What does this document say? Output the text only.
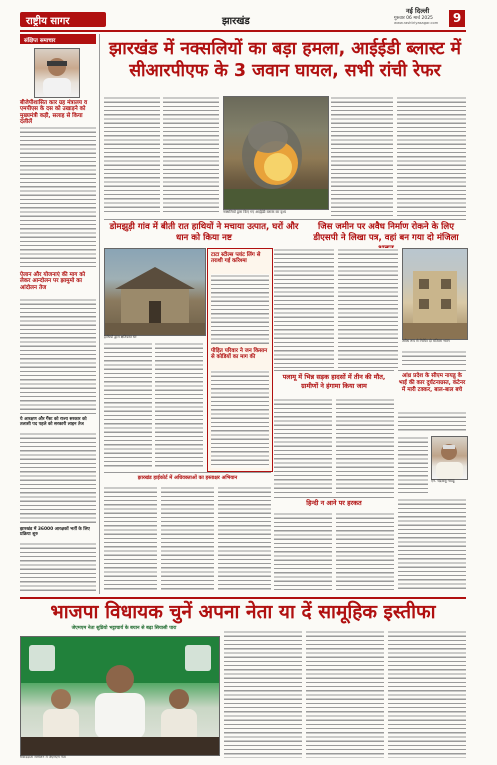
राष्ट्रीय सागर	झारखंड
नई दिल्ली
गुरुवार 06 मार्च 2025
www.rashtriyasagar.com	9
संक्षिप्त समाचार
बीजेपीशासित कार ग्रह मंत्रालय व एमपीएस के दस को उखाड़ने को मुख्यमंत्री कड़ी, सलाह से किया दलीलें
ऐलान और योजनाएं की माग को लेकर आन्दोलन पर झामुमो का आंदोलन तेज
ये आरक्षण और गैंस्ट को राज्य सरकार को तलाशी पद पहले को सरकारी लाइन तेज
झारखंड में 36000 आरक्षकों भर्ती के लिए प्रक्रिया शुरु
झारखंड में नक्सलियों का बड़ा हमला, आईईडी ब्लास्ट में सीआरपीएफ के 3 जवान घायल, सभी रांची रेफर
नक्सलियों द्वारा किए गए आईईडी ब्लास्ट का दृश्य
डोमझुड़ी गांव में बीती रात हाथियों ने मचाया उत्पात, घरों और धान को किया नष्ट
हाथियों द्वारा क्षतिग्रस्त घर
टाटा स्टील्स प्लांट लिंग से तराशी गई करिश्मा
पीड़ित परिवार ने जन किसान से कोडियों का माग की
झारखंड हाईकोर्ट में अधिवक्ताओं का हस्ताक्षर अभियान
जिस जमीन पर अवैध निर्माण रोकने के लिए डीएसपी ने लिखा पत्र, वहां बन गया दो मंजिला
अवैध रूप से निर्मित दो मंजिला भवन
पलामू में भिन्न सड़क हादसों में तीन की मौत, ग्रामीणों ने हंगामा किया जाम
आंध्र प्रदेश के सीएम नायडू के भाई की कार दुर्घटनाग्रस्त, कंटेनर में मारी टक्कर, बाल-बाल बचे
एन. चंद्रबाबू नायडू
हिन्दी न आने पर हरकत
भाजपा विधायक चुनें अपना नेता या दें सामूहिक इस्तीफा
जेएमएम नेता सुप्रियो भट्टाचार्य के बयान से बढ़ा सियासी पारा
संवाददाता सम्मेलन में जेएमएम नेता
